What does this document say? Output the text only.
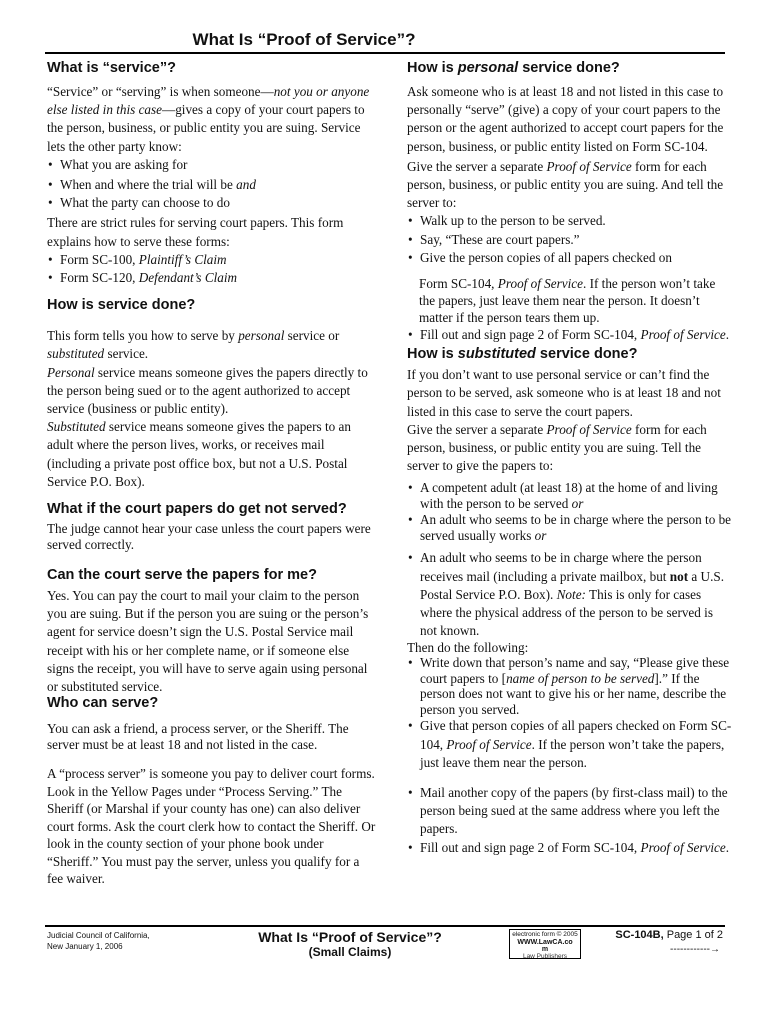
What Is “Proof of Service”?
What is “service”?

“Service” or “serving” is when someone—not you or anyone else listed in this case—gives a copy of your court papers to the person, business, or public entity you are suing. Service lets the other party know:

• What you are asking for
• When and where the trial will be and
• What the party can choose to do

There are strict rules for serving court papers. This form explains how to serve these forms:

• Form SC-100, Plaintiff’s Claim
• Form SC-120, Defendant’s Claim
How is service done?

This form tells you how to serve by personal service or substituted service.

Personal service means someone gives the papers directly to the person being sued or to the agent authorized to accept service (business or public entity).

Substituted service means someone gives the papers to an adult where the person lives, works, or receives mail (including a private post office box, but not a U.S. Postal Service P.O. Box).

What if the court papers do get not served?

The judge cannot hear your case unless the court papers were served correctly.

Can the court serve the papers for me?

Yes. You can pay the court to mail your claim to the person you are suing. But if the person you are suing or the person’s agent for service doesn’t sign the U.S. Postal Service mail receipt with his or her complete name, or if someone else signs the receipt, you will have to serve again using personal or substituted service.

Who can serve?

You can ask a friend, a process server, or the Sheriff. The server must be at least 18 and not listed in the case.

A “process server” is someone you pay to deliver court forms. Look in the Yellow Pages under “Process Serving.” The Sheriff (or Marshal if your county has one) can also deliver court forms. Ask the court clerk how to contact the Sheriff. Or look in the county section of your phone book under “Sheriff.” You must pay the server, unless you qualify for a fee waiver.

How is personal service done?

Ask someone who is at least 18 and not listed in this case to personally “serve” (give) a copy of your court papers to the person or the agent authorized to accept court papers for the person, business, or public entity listed on Form SC-104.

Give the server a separate Proof of Service form for each person, business, or public entity you are suing. And tell the server to:

• Walk up to the person to be served.
• Say, “These are court papers.”
• Give the person copies of all papers checked on

Form SC-104, Proof of Service. If the person won’t take the papers, just leave them near the person. It doesn’t matter if the person tears them up.

• Fill out and sign page 2 of Form SC-104, Proof of Service.
How is substituted service done?

If you don’t want to use personal service or can’t find the person to be served, ask someone who is at least 18 and not listed in this case to serve the court papers.

Give the server a separate Proof of Service form for each person, business, or public entity you are suing. Tell the server to give the papers to:

• A competent adult (at least 18) at the home of and living with the person to be served or
• An adult who seems to be in charge where the person to be served usually works or
• An adult who seems to be in charge where the person receives mail (including a private mailbox, but not a U.S. Postal Service P.O. Box). Note: This is only for cases where the physical address of the person to be served is not known.

Then do the following:

• Write down that person’s name and say, “Please give these court papers to [name of person to be served].” If the person does not want to give his or her name, describe the person you served.
• Give that person copies of all papers checked on Form SC-104, Proof of Service. If the person won’t take the papers, just leave them near the person.
• Mail another copy of the papers (by first-class mail) to the person being sued at the same address where you left the papers.
• Fill out and sign page 2 of Form SC-104, Proof of Service.
Judicial Council of California,
New January 1, 2006
What Is “Proof of Service”?
(Small Claims)
electronic form © 2005
WWW.LawCA.co
m
Law Publishers
SC-104B, Page 1 of 2
------------→
